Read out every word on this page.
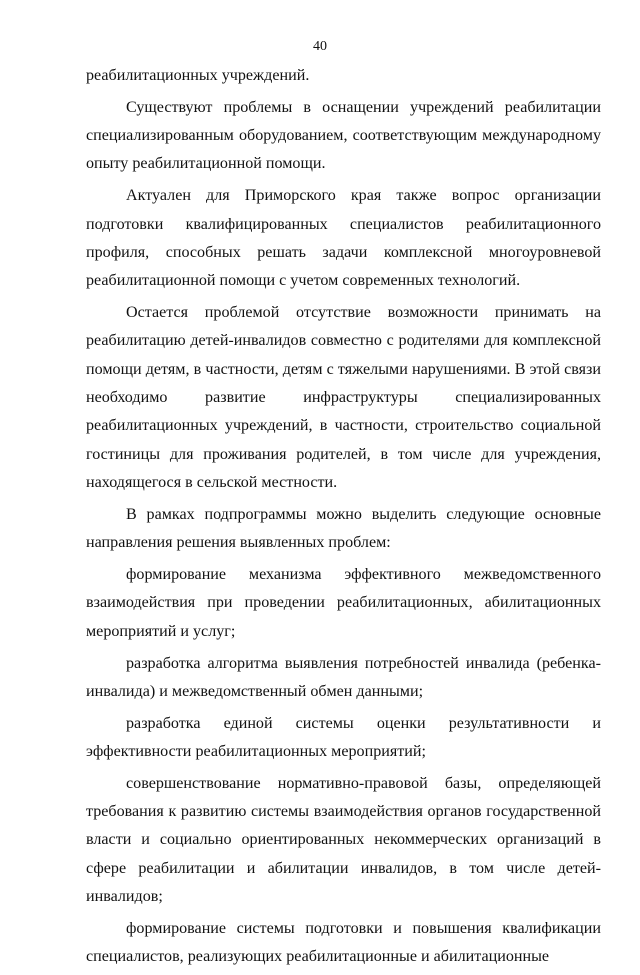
40

реабилитационных учреждений.

Существуют проблемы в оснащении учреждений реабилитации специализированным оборудованием, соответствующим международному опыту реабилитационной помощи.

Актуален для Приморского края также вопрос организации подготовки квалифицированных специалистов реабилитационного профиля, способных решать задачи комплексной многоуровневой реабилитационной помощи с учетом современных технологий.

Остается проблемой отсутствие возможности принимать на реабилитацию детей-инвалидов совместно с родителями для комплексной помощи детям, в частности, детям с тяжелыми нарушениями. В этой связи необходимо развитие инфраструктуры специализированных реабилитационных учреждений, в частности, строительство социальной гостиницы для проживания родителей, в том числе для учреждения, находящегося в сельской местности.

В рамках подпрограммы можно выделить следующие основные направления решения выявленных проблем:

формирование механизма эффективного межведомственного взаимодействия при проведении реабилитационных, абилитационных мероприятий и услуг;

разработка алгоритма выявления потребностей инвалида (ребенка-инвалида) и межведомственный обмен данными;

разработка единой системы оценки результативности и эффективности реабилитационных мероприятий;

совершенствование нормативно-правовой базы, определяющей требования к развитию системы взаимодействия органов государственной власти и социально ориентированных некоммерческих организаций в сфере реабилитации и абилитации инвалидов, в том числе детей-инвалидов;

формирование системы подготовки и повышения квалификации специалистов, реализующих реабилитационные и абилитационные
